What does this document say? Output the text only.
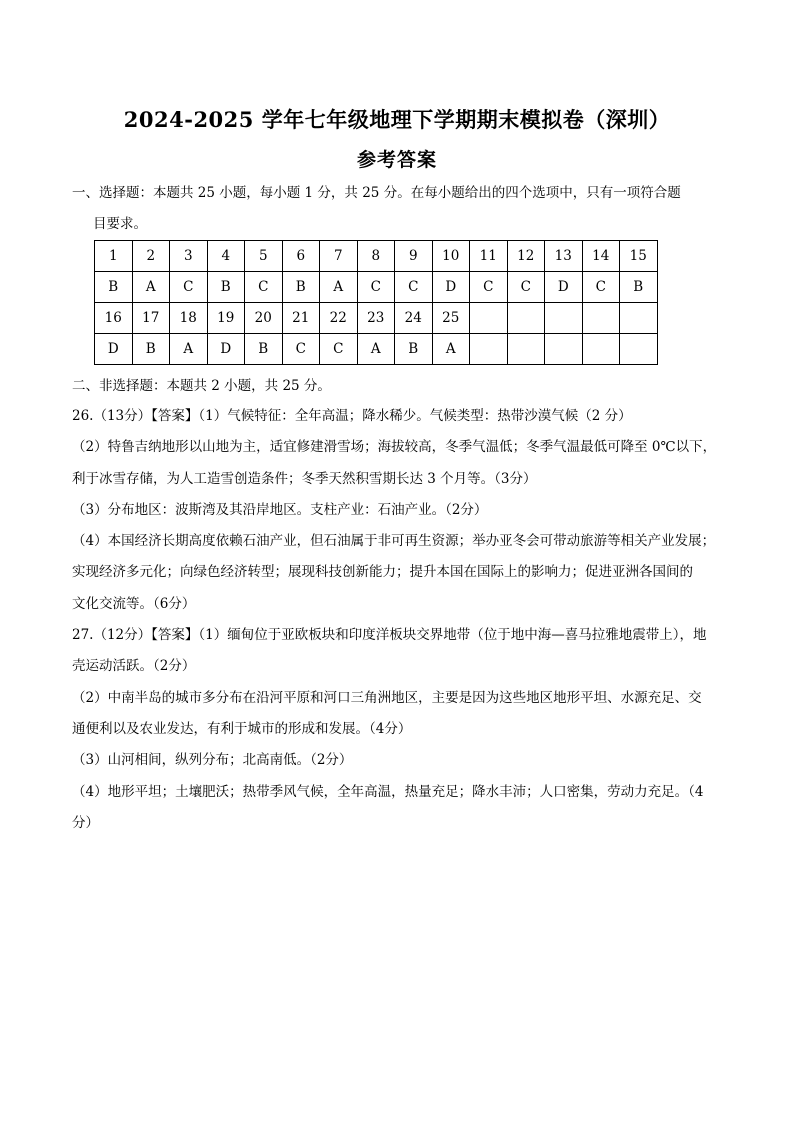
2024-2025 学年七年级地理下学期期末模拟卷（深圳）
参考答案
一、选择题：本题共 25 小题，每小题 1 分，共 25 分。在每小题给出的四个选项中，只有一项符合题
目要求。
1	2	3	4	5	6	7	8	9	10	11	12	13	14	15
B	A	C	B	C	B	A	C	C	D	C	C	D	C	B
16	17	18	19	20	21	22	23	24	25					
D	B	A	D	B	C	C	A	B	A					
二、非选择题：本题共 2 小题，共 25 分。
26.（13分）【答案】（1）气候特征：全年高温；降水稀少。气候类型：热带沙漠气候（2 分）
（2）特鲁吉纳地形以山地为主，适宜修建滑雪场；海拔较高，冬季气温低；冬季气温最低可降至 0℃以下，
利于冰雪存储，为人工造雪创造条件；冬季天然积雪期长达 3 个月等。（3分）
（3）分布地区：波斯湾及其沿岸地区。支柱产业：石油产业。（2分）
（4）本国经济长期高度依赖石油产业，但石油属于非可再生资源；举办亚冬会可带动旅游等相关产业发展；
实现经济多元化；向绿色经济转型；展现科技创新能力；提升本国在国际上的影响力；促进亚洲各国间的
文化交流等。（6分）
27.（12分）【答案】（1）缅甸位于亚欧板块和印度洋板块交界地带（位于地中海—喜马拉雅地震带上），地
壳运动活跃。（2分）
（2）中南半岛的城市多分布在沿河平原和河口三角洲地区，主要是因为这些地区地形平坦、水源充足、交
通便利以及农业发达，有利于城市的形成和发展。（4分）
（3）山河相间，纵列分布；北高南低。（2分）
（4）地形平坦；土壤肥沃；热带季风气候，全年高温，热量充足；降水丰沛；人口密集，劳动力充足。（4
分）
